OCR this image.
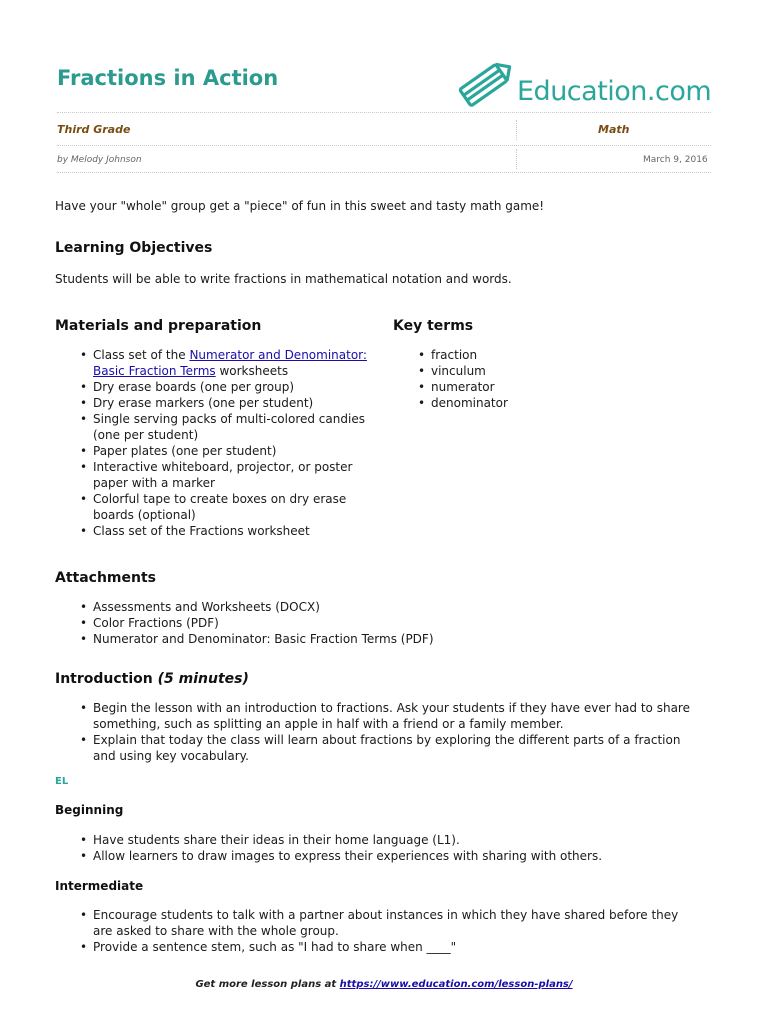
Fractions in Action	Education.com
Third Grade	Math
by Melody Johnson	March 9, 2016

Have your "whole" group get a "piece" of fun in this sweet and tasty math game!

Learning Objectives

Students will be able to write fractions in mathematical notation and words.

Materials and preparation
• Class set of the Numerator and Denominator: Basic Fraction Terms worksheets
• Dry erase boards (one per group)
• Dry erase markers (one per student)
• Single serving packs of multi-colored candies (one per student)
• Paper plates (one per student)
• Interactive whiteboard, projector, or poster paper with a marker
• Colorful tape to create boxes on dry erase boards (optional)
• Class set of the Fractions worksheet
Key terms
• fraction
• vinculum
• numerator
• denominator
Attachments
• Assessments and Worksheets (DOCX)
• Color Fractions (PDF)
• Numerator and Denominator: Basic Fraction Terms (PDF)
Introduction (5 minutes)
• Begin the lesson with an introduction to fractions. Ask your students if they have ever had to share something, such as splitting an apple in half with a friend or a family member.
• Explain that today the class will learn about fractions by exploring the different parts of a fraction and using key vocabulary.
EL
Beginning
• Have students share their ideas in their home language (L1).
• Allow learners to draw images to express their experiences with sharing with others.
Intermediate
• Encourage students to talk with a partner about instances in which they have shared before they are asked to share with the whole group.
• Provide a sentence stem, such as "I had to share when ____"
Get more lesson plans at https://www.education.com/lesson-plans/
